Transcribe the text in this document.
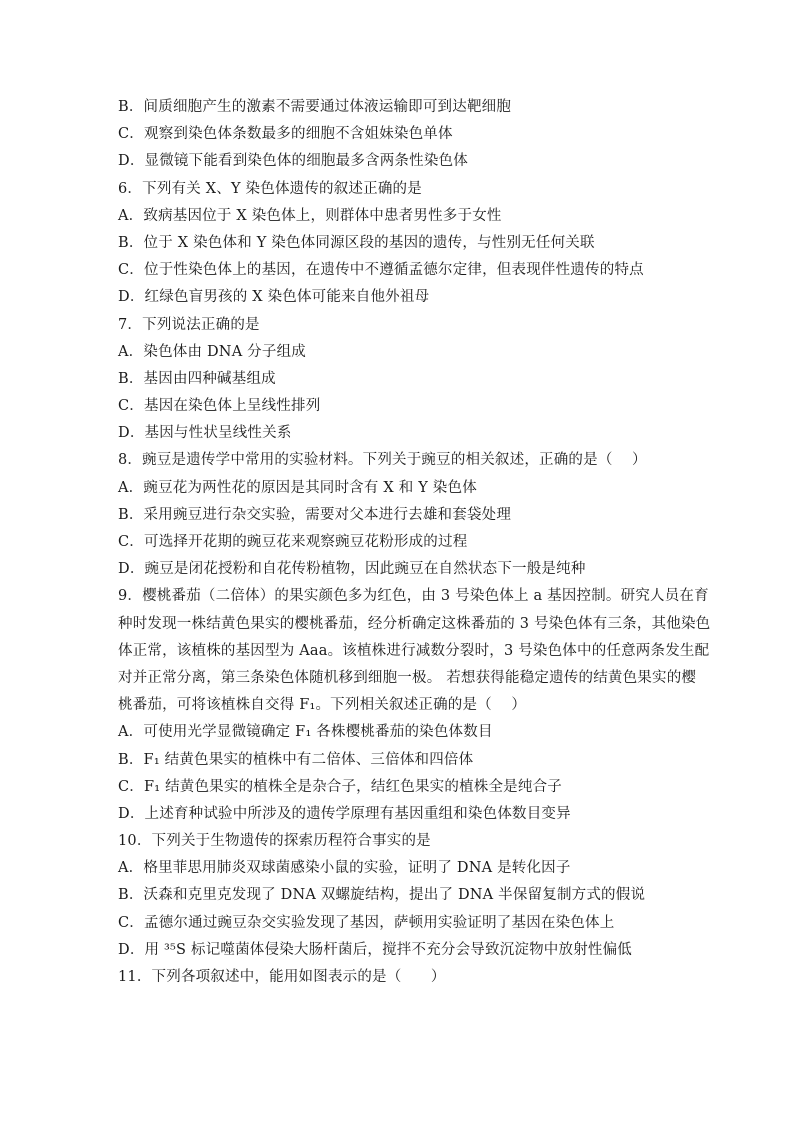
B．间质细胞产生的激素不需要通过体液运输即可到达靶细胞
C．观察到染色体条数最多的细胞不含姐妹染色单体
D．显微镜下能看到染色体的细胞最多含两条性染色体
6．下列有关 X、Y 染色体遗传的叙述正确的是
A．致病基因位于 X 染色体上，则群体中患者男性多于女性
B．位于 X 染色体和 Y 染色体同源区段的基因的遗传，与性别无任何关联
C．位于性染色体上的基因，在遗传中不遵循孟德尔定律，但表现伴性遗传的特点
D．红绿色盲男孩的 X 染色体可能来自他外祖母
7．下列说法正确的是
A．染色体由 DNA 分子组成
B．基因由四种碱基组成
C．基因在染色体上呈线性排列
D．基因与性状呈线性关系
8．豌豆是遗传学中常用的实验材料。下列关于豌豆的相关叙述，正确的是（　 ）
A．豌豆花为两性花的原因是其同时含有 X 和 Y 染色体
B．采用豌豆进行杂交实验，需要对父本进行去雄和套袋处理
C．可选择开花期的豌豆花来观察豌豆花粉形成的过程
D．豌豆是闭花授粉和自花传粉植物，因此豌豆在自然状态下一般是纯种
9．樱桃番茄（二倍体）的果实颜色多为红色，由 3 号染色体上 a 基因控制。研究人员在育
种时发现一株结黄色果实的樱桃番茄，经分析确定这株番茄的 3 号染色体有三条，其他染色
体正常，该植株的基因型为 Aaa。该植株进行减数分裂时，3 号染色体中的任意两条发生配
对并正常分离，第三条染色体随机移到细胞一极。 若想获得能稳定遗传的结黄色果实的樱
桃番茄，可将该植株自交得 F₁。下列相关叙述正确的是（　 ）
A．可使用光学显微镜确定 F₁ 各株樱桃番茄的染色体数目
B．F₁ 结黄色果实的植株中有二倍体、三倍体和四倍体
C．F₁ 结黄色果实的植株全是杂合子，结红色果实的植株全是纯合子
D．上述育种试验中所涉及的遗传学原理有基因重组和染色体数目变异
10．下列关于生物遗传的探索历程符合事实的是
A．格里菲思用肺炎双球菌感染小鼠的实验，证明了 DNA 是转化因子
B．沃森和克里克发现了 DNA 双螺旋结构，提出了 DNA 半保留复制方式的假说
C．孟德尔通过豌豆杂交实验发现了基因，萨顿用实验证明了基因在染色体上
D．用 ³⁵S 标记噬菌体侵染大肠杆菌后，搅拌不充分会导致沉淀物中放射性偏低
11．下列各项叙述中，能用如图表示的是（　　）
